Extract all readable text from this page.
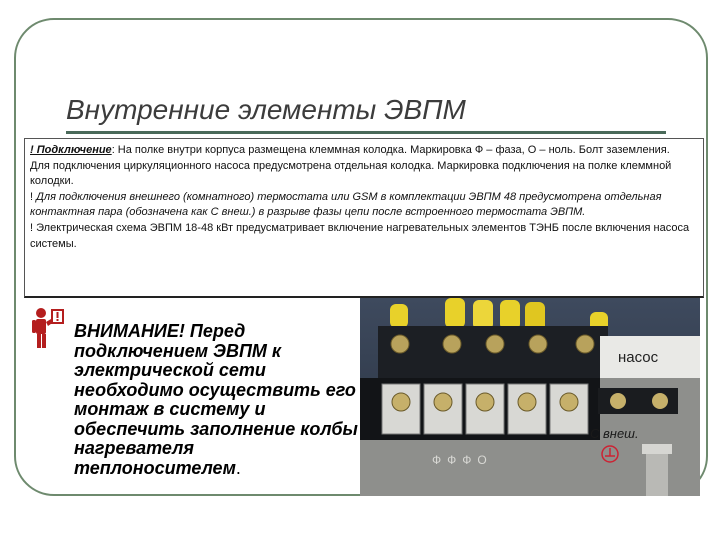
Внутренние элементы ЭВПМ

! Подключение: На полке внутри корпуса размещена клеммная колодка. Маркировка Ф – фаза, О – ноль. Болт заземления.

Для подключения циркуляционного насоса предусмотрена отдельная колодка. Маркировка подключения на полке клеммной колодки.

! Для подключения внешнего (комнатного) термостата или GSM в комплектации ЭВПМ 48 предусмотрена отдельная контактная пара (обозначена как С внеш.) в разрыве фазы цепи после встроенного термостата ЭВПМ.

! Электрическая схема ЭВПМ 18-48 кВт предусматривает включение нагревательных элементов ТЭНБ после включения насоса системы.

ВНИМАНИЕ! Перед подключением ЭВПМ к электрической сети необходимо осуществить его монтаж в систему и обеспечить заполнение колбы нагревателя теплоносителем.

насос
С внеш.
ФФФО
